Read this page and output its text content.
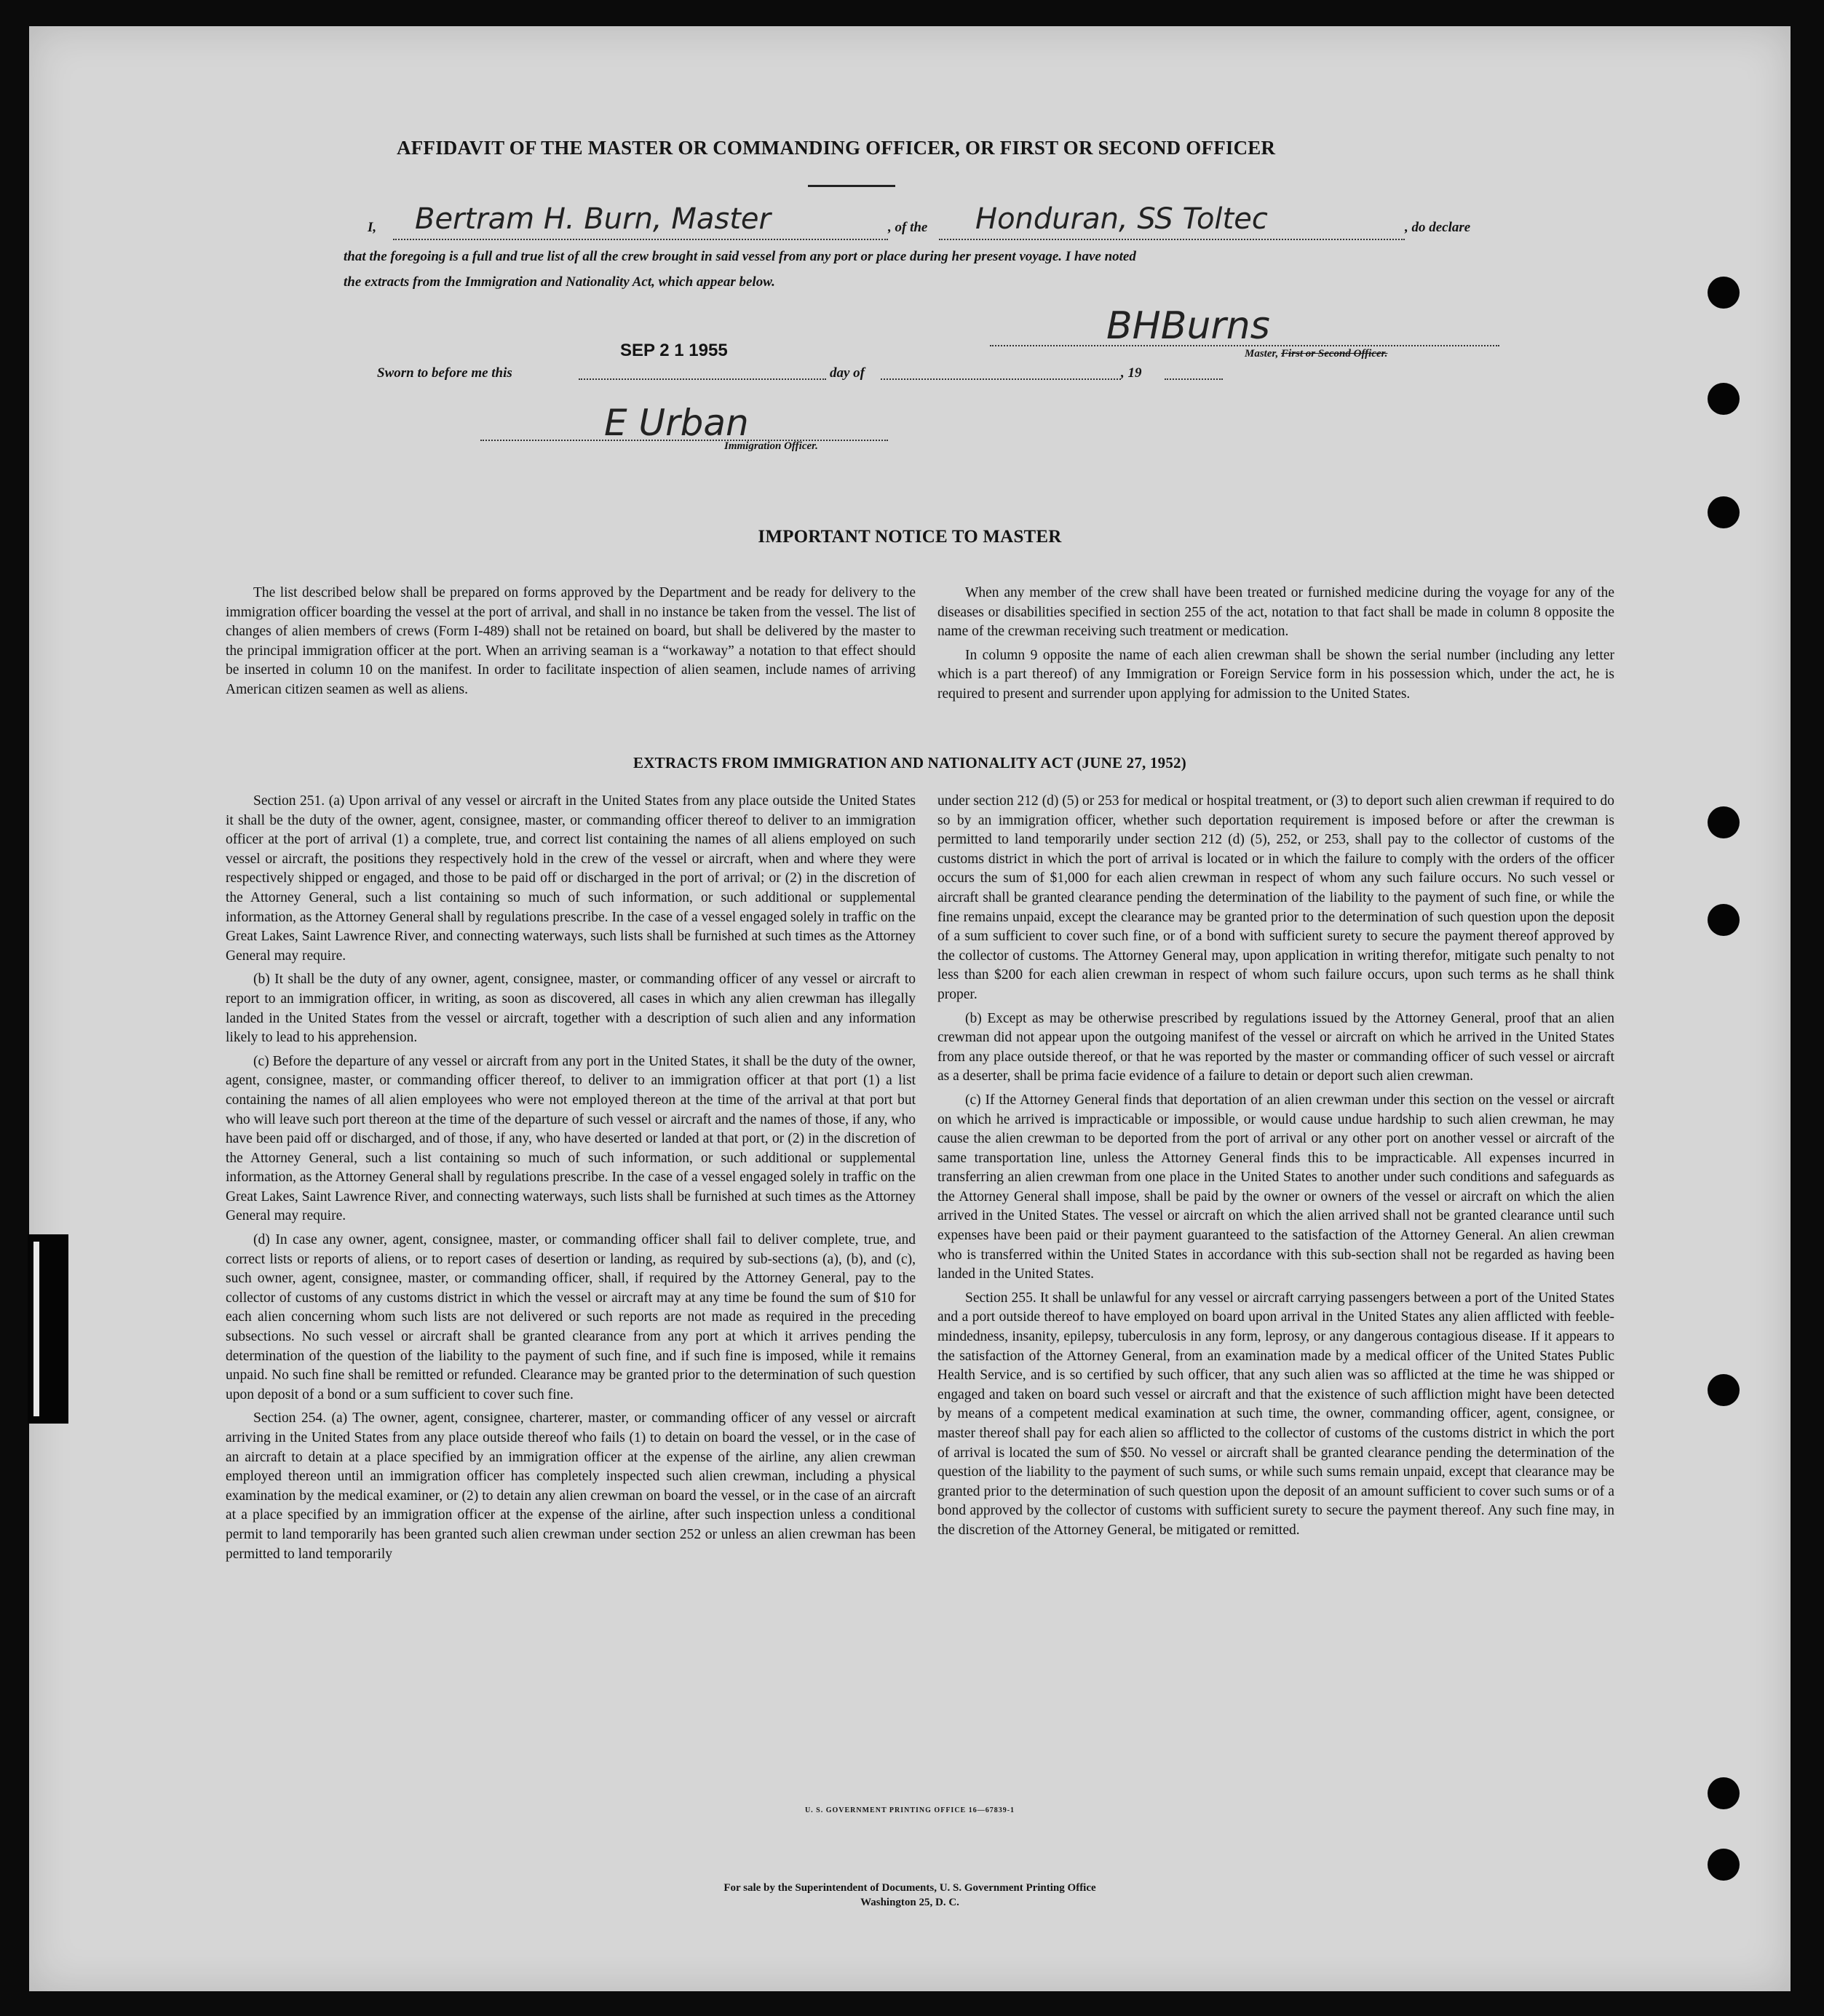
AFFIDAVIT OF THE MASTER OR COMMANDING OFFICER, OR FIRST OR SECOND OFFICER
I, Bertram H. Burn, Master	, of the Honduran, SS Toltec	, do declare
that the foregoing is a full and true list of all the crew brought in said vessel from any port or place during her present voyage. I have noted
the extracts from the Immigration and Nationality Act, which appear below.
BHBurns
Master, First or Second Officer.
SEP 2 1 1955
Sworn to before me this	day of	, 19
E Urban
Immigration Officer.
IMPORTANT NOTICE TO MASTER

The list described below shall be prepared on forms approved by the Department and be ready for delivery to the immigration officer boarding the vessel at the port of arrival, and shall in no instance be taken from the vessel. The list of changes of alien members of crews (Form I-489) shall not be retained on board, but shall be delivered by the master to the principal immigration officer at the port. When an arriving seaman is a “workaway” a notation to that effect should be inserted in column 10 on the manifest. In order to facilitate inspection of alien seamen, include names of arriving American citizen seamen as well as aliens.

When any member of the crew shall have been treated or furnished medicine during the voyage for any of the diseases or disabilities specified in section 255 of the act, notation to that fact shall be made in column 8 opposite the name of the crewman receiving such treatment or medication.

In column 9 opposite the name of each alien crewman shall be shown the serial number (including any letter which is a part thereof) of any Immigration or Foreign Service form in his possession which, under the act, he is required to present and surrender upon applying for admission to the United States.

EXTRACTS FROM IMMIGRATION AND NATIONALITY ACT (JUNE 27, 1952)

Section 251. (a) Upon arrival of any vessel or aircraft in the United States from any place outside the United States it shall be the duty of the owner, agent, consignee, master, or commanding officer thereof to deliver to an immigration officer at the port of arrival (1) a complete, true, and correct list containing the names of all aliens employed on such vessel or aircraft, the positions they respectively hold in the crew of the vessel or aircraft, when and where they were respectively shipped or engaged, and those to be paid off or discharged in the port of arrival; or (2) in the discretion of the Attorney General, such a list containing so much of such information, or such additional or supplemental information, as the Attorney General shall by regulations prescribe. In the case of a vessel engaged solely in traffic on the Great Lakes, Saint Lawrence River, and connecting waterways, such lists shall be furnished at such times as the Attorney General may require.

(b) It shall be the duty of any owner, agent, consignee, master, or commanding officer of any vessel or aircraft to report to an immigration officer, in writing, as soon as discovered, all cases in which any alien crewman has illegally landed in the United States from the vessel or aircraft, together with a description of such alien and any information likely to lead to his apprehension.

(c) Before the departure of any vessel or aircraft from any port in the United States, it shall be the duty of the owner, agent, consignee, master, or commanding officer thereof, to deliver to an immigration officer at that port (1) a list containing the names of all alien employees who were not employed thereon at the time of the arrival at that port but who will leave such port thereon at the time of the departure of such vessel or aircraft and the names of those, if any, who have been paid off or discharged, and of those, if any, who have deserted or landed at that port, or (2) in the discretion of the Attorney General, such a list containing so much of such information, or such additional or supplemental information, as the Attorney General shall by regulations prescribe. In the case of a vessel engaged solely in traffic on the Great Lakes, Saint Lawrence River, and connecting waterways, such lists shall be furnished at such times as the Attorney General may require.

(d) In case any owner, agent, consignee, master, or commanding officer shall fail to deliver complete, true, and correct lists or reports of aliens, or to report cases of desertion or landing, as required by sub-sections (a), (b), and (c), such owner, agent, consignee, master, or commanding officer, shall, if required by the Attorney General, pay to the collector of customs of any customs district in which the vessel or aircraft may at any time be found the sum of $10 for each alien concerning whom such lists are not delivered or such reports are not made as required in the preceding subsections. No such vessel or aircraft shall be granted clearance from any port at which it arrives pending the determination of the question of the liability to the payment of such fine, and if such fine is imposed, while it remains unpaid. No such fine shall be remitted or refunded. Clearance may be granted prior to the determination of such question upon deposit of a bond or a sum sufficient to cover such fine.

Section 254. (a) The owner, agent, consignee, charterer, master, or commanding officer of any vessel or aircraft arriving in the United States from any place outside thereof who fails (1) to detain on board the vessel, or in the case of an aircraft to detain at a place specified by an immigration officer at the expense of the airline, any alien crewman employed thereon until an immigration officer has completely inspected such alien crewman, including a physical examination by the medical examiner, or (2) to detain any alien crewman on board the vessel, or in the case of an aircraft at a place specified by an immigration officer at the expense of the airline, after such inspection unless a conditional permit to land temporarily has been granted such alien crewman under section 252 or unless an alien crewman has been permitted to land temporarily

under section 212 (d) (5) or 253 for medical or hospital treatment, or (3) to deport such alien crewman if required to do so by an immigration officer, whether such deportation requirement is imposed before or after the crewman is permitted to land temporarily under section 212 (d) (5), 252, or 253, shall pay to the collector of customs of the customs district in which the port of arrival is located or in which the failure to comply with the orders of the officer occurs the sum of $1,000 for each alien crewman in respect of whom any such failure occurs. No such vessel or aircraft shall be granted clearance pending the determination of the liability to the payment of such fine, or while the fine remains unpaid, except the clearance may be granted prior to the determination of such question upon the deposit of a sum sufficient to cover such fine, or of a bond with sufficient surety to secure the payment thereof approved by the collector of customs. The Attorney General may, upon application in writing therefor, mitigate such penalty to not less than $200 for each alien crewman in respect of whom such failure occurs, upon such terms as he shall think proper.

(b) Except as may be otherwise prescribed by regulations issued by the Attorney General, proof that an alien crewman did not appear upon the outgoing manifest of the vessel or aircraft on which he arrived in the United States from any place outside thereof, or that he was reported by the master or commanding officer of such vessel or aircraft as a deserter, shall be prima facie evidence of a failure to detain or deport such alien crewman.

(c) If the Attorney General finds that deportation of an alien crewman under this section on the vessel or aircraft on which he arrived is impracticable or impossible, or would cause undue hardship to such alien crewman, he may cause the alien crewman to be deported from the port of arrival or any other port on another vessel or aircraft of the same transportation line, unless the Attorney General finds this to be impracticable. All expenses incurred in transferring an alien crewman from one place in the United States to another under such conditions and safeguards as the Attorney General shall impose, shall be paid by the owner or owners of the vessel or aircraft on which the alien arrived in the United States. The vessel or aircraft on which the alien arrived shall not be granted clearance until such expenses have been paid or their payment guaranteed to the satisfaction of the Attorney General. An alien crewman who is transferred within the United States in accordance with this sub-section shall not be regarded as having been landed in the United States.

Section 255. It shall be unlawful for any vessel or aircraft carrying passengers between a port of the United States and a port outside thereof to have employed on board upon arrival in the United States any alien afflicted with feeble-mindedness, insanity, epilepsy, tuberculosis in any form, leprosy, or any dangerous contagious disease. If it appears to the satisfaction of the Attorney General, from an examination made by a medical officer of the United States Public Health Service, and is so certified by such officer, that any such alien was so afflicted at the time he was shipped or engaged and taken on board such vessel or aircraft and that the existence of such affliction might have been detected by means of a competent medical examination at such time, the owner, commanding officer, agent, consignee, or master thereof shall pay for each alien so afflicted to the collector of customs of the customs district in which the port of arrival is located the sum of $50. No vessel or aircraft shall be granted clearance pending the determination of the question of the liability to the payment of such sums, or while such sums remain unpaid, except that clearance may be granted prior to the determination of such question upon the deposit of an amount sufficient to cover such sums or of a bond approved by the collector of customs with sufficient surety to secure the payment thereof. Any such fine may, in the discretion of the Attorney General, be mitigated or remitted.

U. S. GOVERNMENT PRINTING OFFICE 16—67839-1
For sale by the Superintendent of Documents, U. S. Government Printing Office
Washington 25, D. C.
